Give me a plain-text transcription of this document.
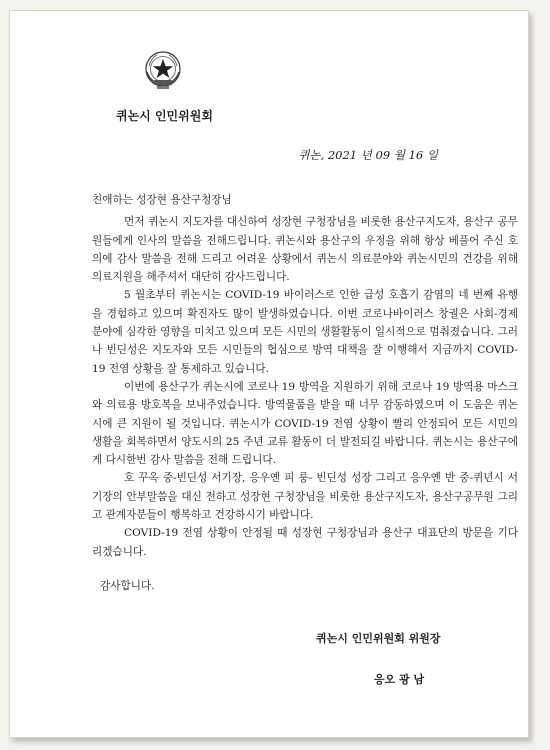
퀴논시 인민위원회
퀴논, 2021 년 09 월 16 일

친애하는 성장현 용산구청장님

먼저 퀴논시 지도자를 대신하여 성장현 구청장님을 비롯한 용산구지도자, 용산구 공무원들에게 인사의 말씀을 전해드립니다. 퀴논시와 용산구의 우정을 위해 항상 베풀어 주신 호의에 감사 말씀을 전해 드리고 어려운 상황에서 퀴논시 의료분야와 퀴논시민의 건강을 위해 의료지원을 해주셔서 대단히 감사드립니다.

5 월초부터 퀴논시는 COVID-19 바이러스로 인한 급성 호흡기 감염의 네 번째 유행을 경험하고 있으며 확진자도 많이 발생하였습니다. 이번 코로나바이러스 창궐은 사회-경제분야에 심각한 영향을 미치고 있으며 모든 시민의 생활활동이 일시적으로 멈춰졌습니다. 그러나 빈딘성은 지도자와 모든 시민들의 협심으로 방역 대책을 잘 이행해서 지금까지 COVID-19 전염 상황을 잘 통제하고 있습니다.

이번에 용산구가 퀴논시에 코로나 19 방역을 지원하기 위해 코로나 19 방역용 마스크와 의료용 방호복을 보내주었습니다. 방역물품을 받을 때 너무 감동하였으며 이 도움은 퀴논시에 큰 지원이 될 것입니다. 퀴논시가 COVID-19 전염 상황이 빨리 안정되어 모든 시민의 생활을 회복하면서 양도시의 25 주년 교류 활동이 더 발전되길 바랍니다. 퀴논시는 용산구에게 다시한번 감사 말씀을 전해 드립니다.

호 꾸옥 중-빈딘성 서기장, 응우옌 피 룽- 빈딘성 성장 그리고 응우옌 반 중-퀴년시 서기장의 안부말씀을 대신 전하고 성장현 구청장님을 비롯한 용산구지도자, 용산구공무원 그리고 관계자분들이 행복하고 건강하시기 바랍니다.

COVID-19 전염 상황이 안정될 때 성장현 구청장님과 용산구 대표단의 방문을 기다리겠습니다.

감사합니다.

퀴논시 인민위원회 위원장
응오 광 남
